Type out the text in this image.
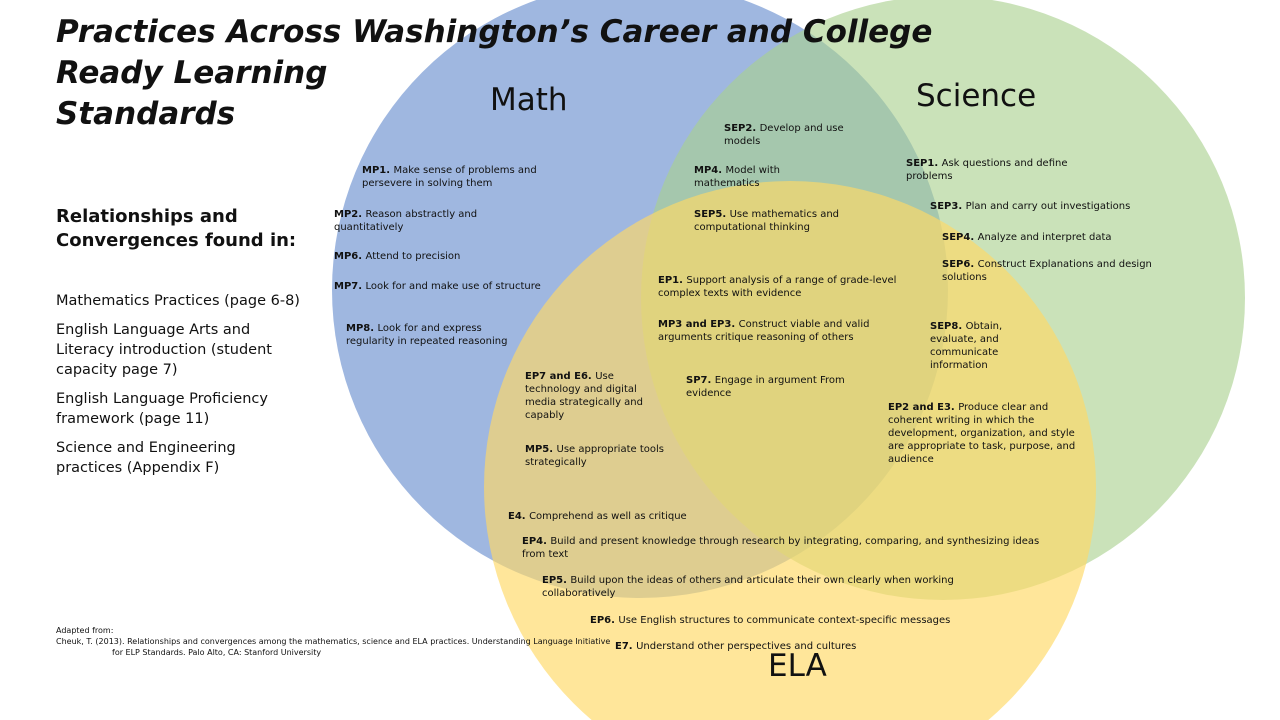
Practices Across Washington’s Career and College
Ready Learning Standards
Relationships and Convergences found in:
Mathematics Practices (page 6-8)
English Language Arts and Literacy introduction (student capacity page 7)
English Language Proficiency framework (page 11)
Science and Engineering practices (Appendix F)
Math	Science
ELA
MP1. Make sense of problems and persevere in solving them
MP2. Reason abstractly and quantitatively
MP6. Attend to precision
MP7. Look for and make use of structure
MP8. Look for and express regularity in repeated reasoning
SEP2. Develop and use models
MP4. Model with mathematics
SEP5. Use mathematics and computational thinking
SEP1. Ask questions and define problems
SEP3. Plan and carry out investigations
SEP4. Analyze and interpret data
SEP6. Construct Explanations and design solutions
EP1. Support analysis of a range of grade-level complex texts with evidence
MP3 and EP3. Construct viable and valid arguments critique reasoning of others
SP7. Engage in argument From evidence
SEP8. Obtain, evaluate, and communicate information
EP2 and E3. Produce clear and coherent writing in which the development, organization, and style are appropriate to task, purpose, and audience
EP7 and E6. Use technology and digital media strategically and capably
MP5. Use appropriate tools strategically
E4. Comprehend as well as critique
EP4. Build and present knowledge through research by integrating, comparing, and synthesizing ideas from text
EP5. Build upon the ideas of others and articulate their own clearly when working collaboratively
EP6. Use English structures to communicate context-specific messages
E7. Understand other perspectives and cultures
Adapted from:

Cheuk, T. (2013). Relationships and convergences among the mathematics, science and ELA practices. Understanding Language Initiative for ELP Standards. Palo Alto, CA: Stanford University
